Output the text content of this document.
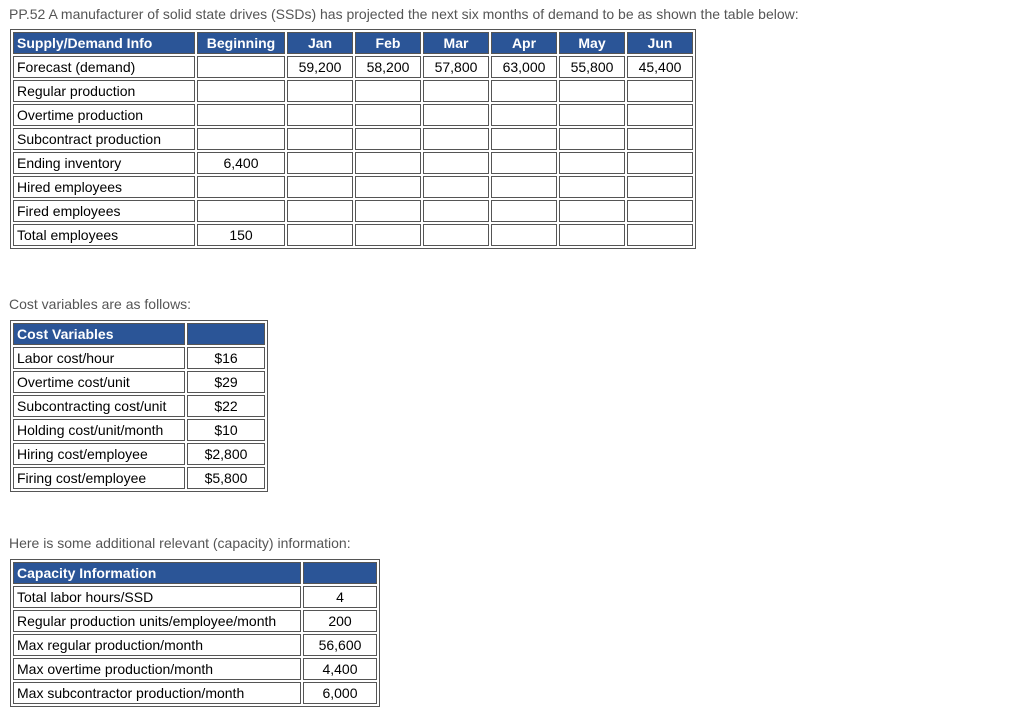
PP.52 A manufacturer of solid state drives (SSDs) has projected the next six months of demand to be as shown the table below:

Supply/Demand Info	Beginning	Jan	Feb	Mar	Apr	May	Jun
Forecast (demand)		59,200	58,200	57,800	63,000	55,800	45,400
Regular production							
Overtime production							
Subcontract production							
Ending inventory	6,400						
Hired employees							
Fired employees							
Total employees	150						

Cost variables are as follows:

Cost Variables	
Labor cost/hour	$16
Overtime cost/unit	$29
Subcontracting cost/unit	$22
Holding cost/unit/month	$10
Hiring cost/employee	$2,800
Firing cost/employee	$5,800

Here is some additional relevant (capacity) information:

Capacity Information	
Total labor hours/SSD	4
Regular production units/employee/month	200
Max regular production/month	56,600
Max overtime production/month	4,400
Max subcontractor production/month	6,000
